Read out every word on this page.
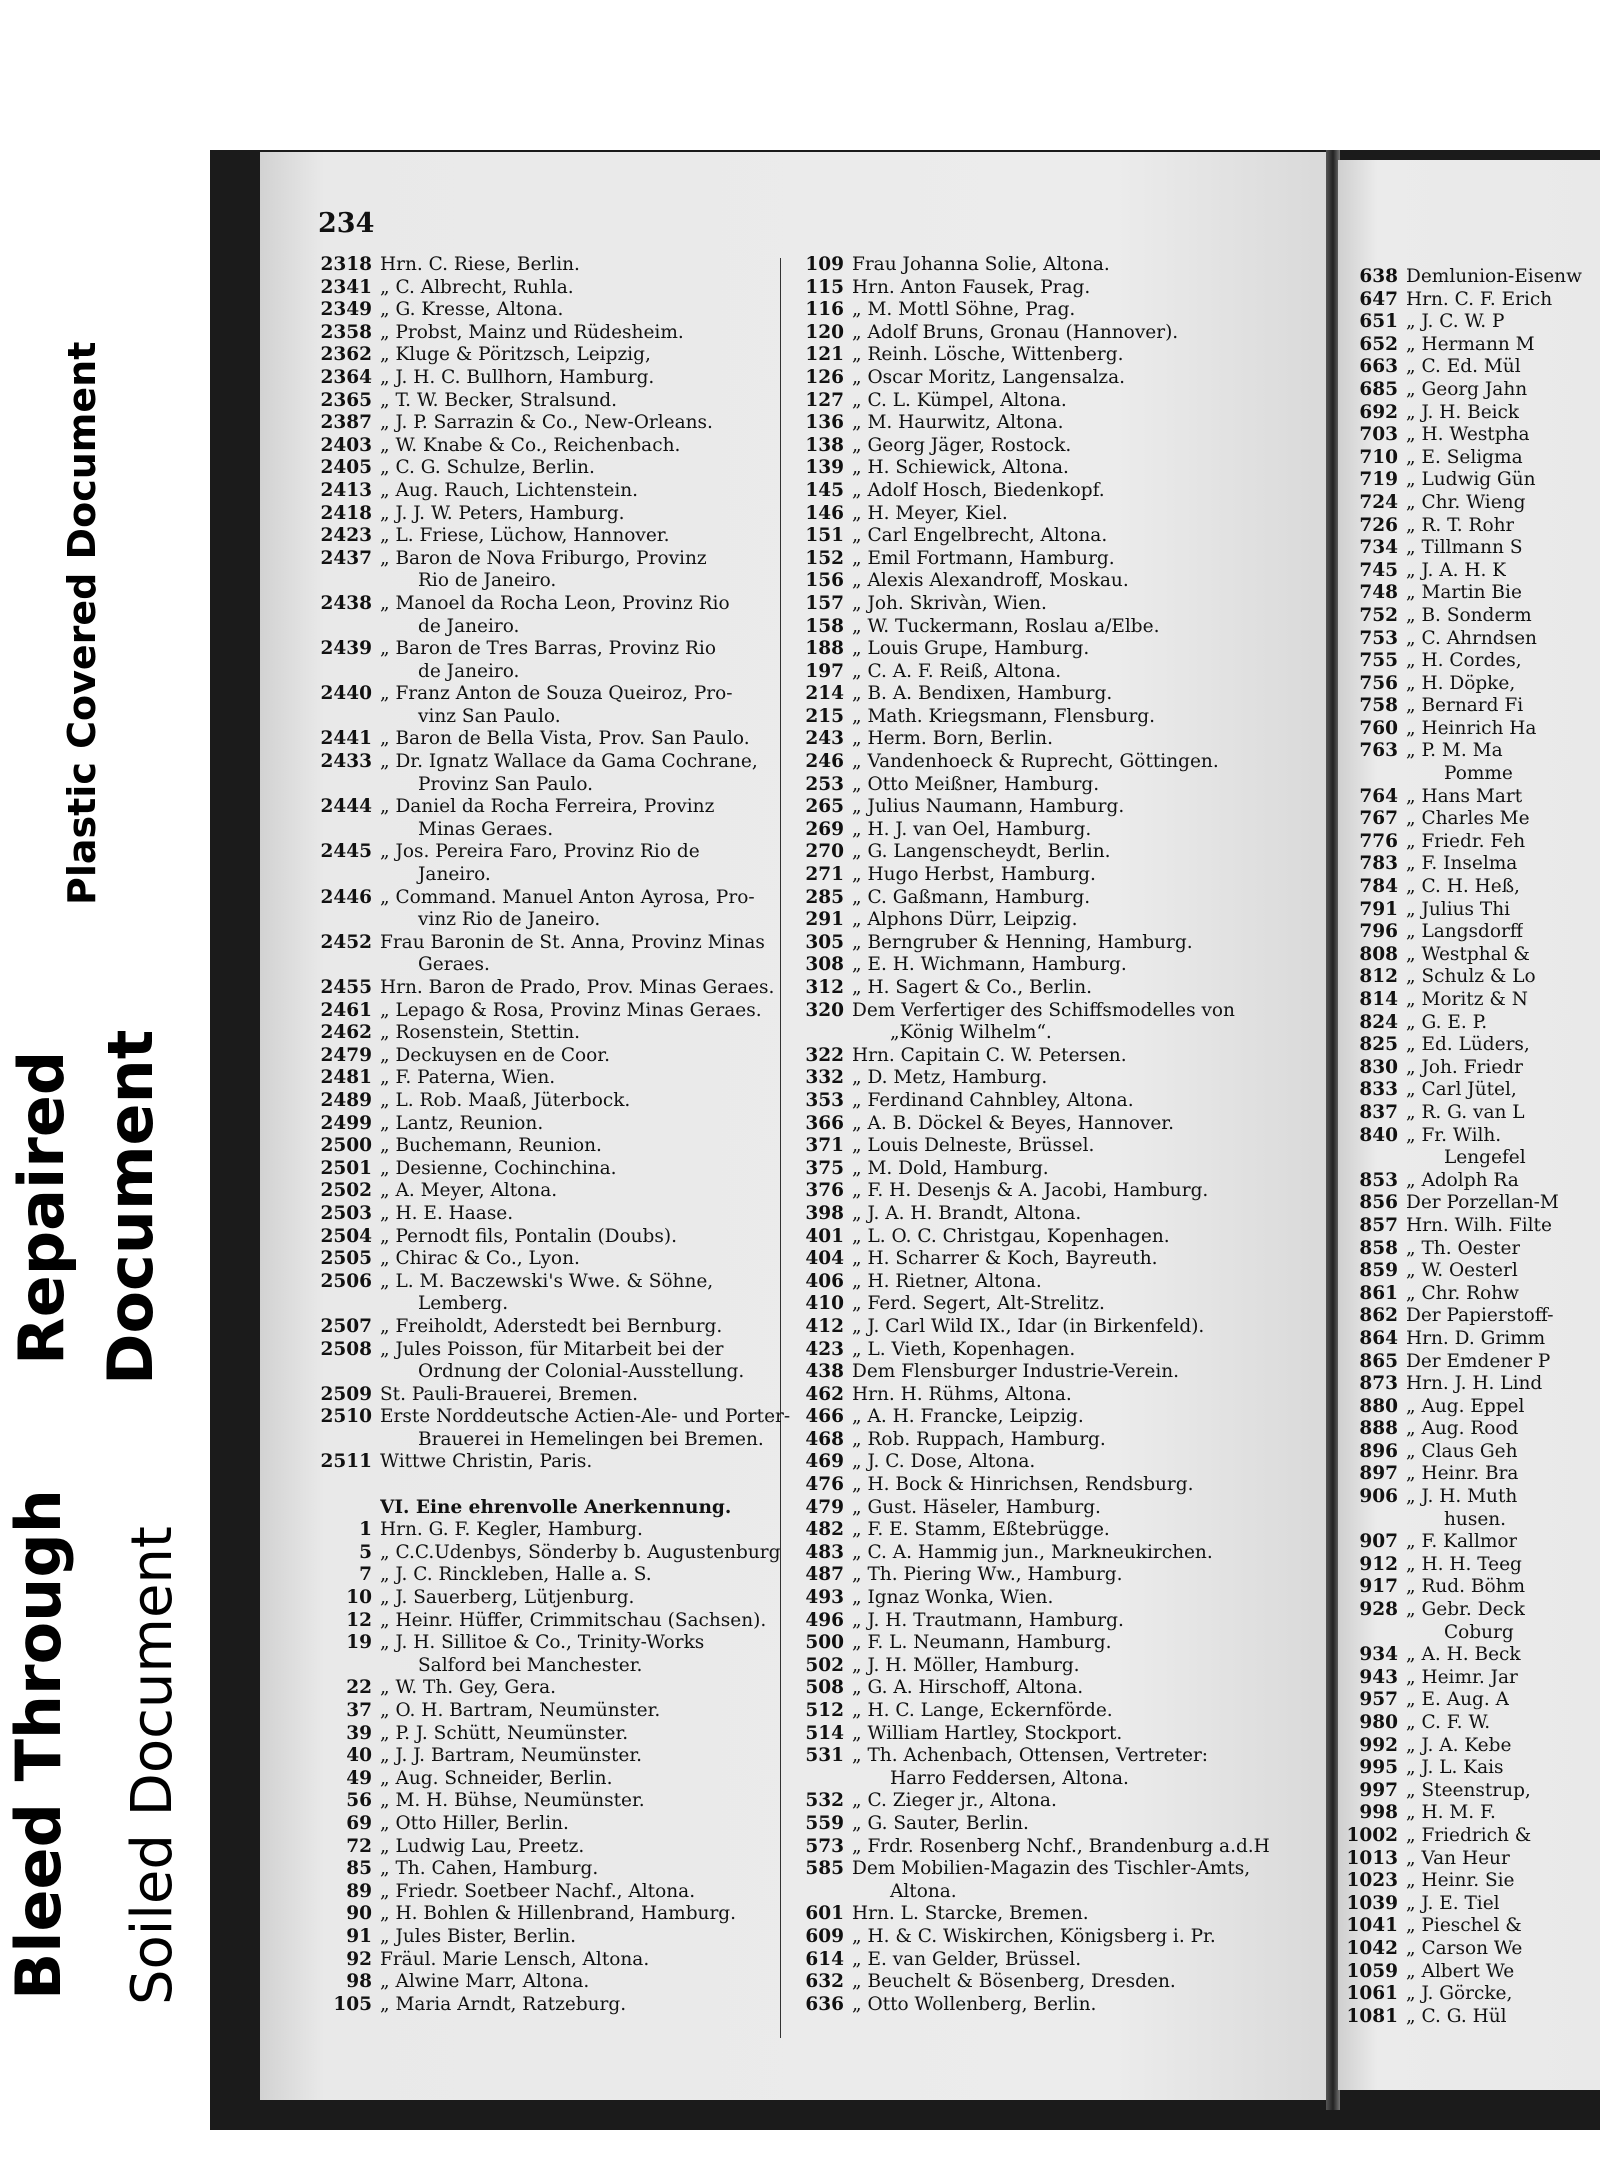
Plastic Covered Document
Repaired Document
Bleed Through Soiled Document
234
2318 Hrn. C. Riese, Berlin.
2341 „ C. Albrecht, Ruhla.
2349 „ G. Kresse, Altona.
2358 „ Probst, Mainz und Rüdesheim.
2362 „ Kluge & Pöritzsch, Leipzig,
2364 „ J. H. C. Bullhorn, Hamburg.
2365 „ T. W. Becker, Stralsund.
2387 „ J. P. Sarrazin & Co., New-Orleans.
2403 „ W. Knabe & Co., Reichenbach.
2405 „ C. G. Schulze, Berlin.
2413 „ Aug. Rauch, Lichtenstein.
2418 „ J. J. W. Peters, Hamburg.
2423 „ L. Friese, Lüchow, Hannover.
2437 „ Baron de Nova Friburgo, Provinz
Rio de Janeiro.
2438 „ Manoel da Rocha Leon, Provinz Rio
de Janeiro.
2439 „ Baron de Tres Barras, Provinz Rio
de Janeiro.
2440 „ Franz Anton de Souza Queiroz, Pro-
vinz San Paulo.
2441 „ Baron de Bella Vista, Prov. San Paulo.
2433 „ Dr. Ignatz Wallace da Gama Cochrane,
Provinz San Paulo.
2444 „ Daniel da Rocha Ferreira, Provinz
Minas Geraes.
2445 „ Jos. Pereira Faro, Provinz Rio de
Janeiro.
2446 „ Command. Manuel Anton Ayrosa, Pro-
vinz Rio de Janeiro.
2452 Frau Baronin de St. Anna, Provinz Minas
Geraes.
2455 Hrn. Baron de Prado, Prov. Minas Geraes.
2461 „ Lepago & Rosa, Provinz Minas Geraes.
2462 „ Rosenstein, Stettin.
2479 „ Deckuysen en de Coor.
2481 „ F. Paterna, Wien.
2489 „ L. Rob. Maaß, Jüterbock.
2499 „ Lantz, Reunion.
2500 „ Buchemann, Reunion.
2501 „ Desienne, Cochinchina.
2502 „ A. Meyer, Altona.
2503 „ H. E. Haase.
2504 „ Pernodt fils, Pontalin (Doubs).
2505 „ Chirac & Co., Lyon.
2506 „ L. M. Baczewski's Wwe. & Söhne,
Lemberg.
2507 „ Freiholdt, Aderstedt bei Bernburg.
2508 „ Jules Poisson, für Mitarbeit bei der
Ordnung der Colonial-Ausstellung.
2509 St. Pauli-Brauerei, Bremen.
2510 Erste Norddeutsche Actien-Ale- und Porter-
Brauerei in Hemelingen bei Bremen.
2511 Wittwe Christin, Paris.
VI. Eine ehrenvolle Anerkennung.
1 Hrn. G. F. Kegler, Hamburg.
5 „ C.C.Udenbys, Sönderby b. Augustenburg
7 „ J. C. Rinckleben, Halle a. S.
10 „ J. Sauerberg, Lütjenburg.
12 „ Heinr. Hüffer, Crimmitschau (Sachsen).
19 „ J. H. Sillitoe & Co., Trinity-Works
Salford bei Manchester.
22 „ W. Th. Gey, Gera.
37 „ O. H. Bartram, Neumünster.
39 „ P. J. Schütt, Neumünster.
40 „ J. J. Bartram, Neumünster.
49 „ Aug. Schneider, Berlin.
56 „ M. H. Bühse, Neumünster.
69 „ Otto Hiller, Berlin.
72 „ Ludwig Lau, Preetz.
85 „ Th. Cahen, Hamburg.
89 „ Friedr. Soetbeer Nachf., Altona.
90 „ H. Bohlen & Hillenbrand, Hamburg.
91 „ Jules Bister, Berlin.
92 Fräul. Marie Lensch, Altona.
98 „ Alwine Marr, Altona.
105 „ Maria Arndt, Ratzeburg.
109 Frau Johanna Solie, Altona.
115 Hrn. Anton Fausek, Prag.
116 „ M. Mottl Söhne, Prag.
120 „ Adolf Bruns, Gronau (Hannover).
121 „ Reinh. Lösche, Wittenberg.
126 „ Oscar Moritz, Langensalza.
127 „ C. L. Kümpel, Altona.
136 „ M. Haurwitz, Altona.
138 „ Georg Jäger, Rostock.
139 „ H. Schiewick, Altona.
145 „ Adolf Hosch, Biedenkopf.
146 „ H. Meyer, Kiel.
151 „ Carl Engelbrecht, Altona.
152 „ Emil Fortmann, Hamburg.
156 „ Alexis Alexandroff, Moskau.
157 „ Joh. Skrivàn, Wien.
158 „ W. Tuckermann, Roslau a/Elbe.
188 „ Louis Grupe, Hamburg.
197 „ C. A. F. Reiß, Altona.
214 „ B. A. Bendixen, Hamburg.
215 „ Math. Kriegsmann, Flensburg.
243 „ Herm. Born, Berlin.
246 „ Vandenhoeck & Ruprecht, Göttingen.
253 „ Otto Meißner, Hamburg.
265 „ Julius Naumann, Hamburg.
269 „ H. J. van Oel, Hamburg.
270 „ G. Langenscheydt, Berlin.
271 „ Hugo Herbst, Hamburg.
285 „ C. Gaßmann, Hamburg.
291 „ Alphons Dürr, Leipzig.
305 „ Berngruber & Henning, Hamburg.
308 „ E. H. Wichmann, Hamburg.
312 „ H. Sagert & Co., Berlin.
320 Dem Verfertiger des Schiffsmodelles von
„König Wilhelm“.
322 Hrn. Capitain C. W. Petersen.
332 „ D. Metz, Hamburg.
353 „ Ferdinand Cahnbley, Altona.
366 „ A. B. Döckel & Beyes, Hannover.
371 „ Louis Delneste, Brüssel.
375 „ M. Dold, Hamburg.
376 „ F. H. Desenjs & A. Jacobi, Hamburg.
398 „ J. A. H. Brandt, Altona.
401 „ L. O. C. Christgau, Kopenhagen.
404 „ H. Scharrer & Koch, Bayreuth.
406 „ H. Rietner, Altona.
410 „ Ferd. Segert, Alt-Strelitz.
412 „ J. Carl Wild IX., Idar (in Birkenfeld).
423 „ L. Vieth, Kopenhagen.
438 Dem Flensburger Industrie-Verein.
462 Hrn. H. Rühms, Altona.
466 „ A. H. Francke, Leipzig.
468 „ Rob. Ruppach, Hamburg.
469 „ J. C. Dose, Altona.
476 „ H. Bock & Hinrichsen, Rendsburg.
479 „ Gust. Häseler, Hamburg.
482 „ F. E. Stamm, Eßtebrügge.
483 „ C. A. Hammig jun., Markneukirchen.
487 „ Th. Piering Ww., Hamburg.
493 „ Ignaz Wonka, Wien.
496 „ J. H. Trautmann, Hamburg.
500 „ F. L. Neumann, Hamburg.
502 „ J. H. Möller, Hamburg.
508 „ G. A. Hirschoff, Altona.
512 „ H. C. Lange, Eckernförde.
514 „ William Hartley, Stockport.
531 „ Th. Achenbach, Ottensen, Vertreter:
Harro Feddersen, Altona.
532 „ C. Zieger jr., Altona.
559 „ G. Sauter, Berlin.
573 „ Frdr. Rosenberg Nchf., Brandenburg a.d.H
585 Dem Mobilien-Magazin des Tischler-Amts,
Altona.
601 Hrn. L. Starcke, Bremen.
609 „ H. & C. Wiskirchen, Königsberg i. Pr.
614 „ E. van Gelder, Brüssel.
632 „ Beuchelt & Bösenberg, Dresden.
636 „ Otto Wollenberg, Berlin.
638 Demlunion-Eisenw
647 Hrn. C. F. Erich
651 „ J. C. W. P
652 „ Hermann M
663 „ C. Ed. Mül
685 „ Georg Jahn
692 „ J. H. Beick
703 „ H. Westpha
710 „ E. Seligma
719 „ Ludwig Gün
724 „ Chr. Wieng
726 „ R. T. Rohr
734 „ Tillmann S
745 „ J. A. H. K
748 „ Martin Bie
752 „ B. Sonderm
753 „ C. Ahrndsen
755 „ H. Cordes,
756 „ H. Döpke,
758 „ Bernard Fi
760 „ Heinrich Ha
763 „ P. M. Ma
Pomme
764 „ Hans Mart
767 „ Charles Me
776 „ Friedr. Feh
783 „ F. Inselma
784 „ C. H. Heß,
791 „ Julius Thi
796 „ Langsdorff
808 „ Westphal &
812 „ Schulz & Lo
814 „ Moritz & N
824 „ G. E. P.
825 „ Ed. Lüders,
830 „ Joh. Friedr
833 „ Carl Jütel,
837 „ R. G. van L
840 „ Fr. Wilh.
Lengefel
853 „ Adolph Ra
856 Der Porzellan-M
857 Hrn. Wilh. Filte
858 „ Th. Oester
859 „ W. Oesterl
861 „ Chr. Rohw
862 Der Papierstoff-
864 Hrn. D. Grimm
865 Der Emdener P
873 Hrn. J. H. Lind
880 „ Aug. Eppel
888 „ Aug. Rood
896 „ Claus Geh
897 „ Heinr. Bra
906 „ J. H. Muth
husen.
907 „ F. Kallmor
912 „ H. H. Teeg
917 „ Rud. Böhm
928 „ Gebr. Deck
Coburg
934 „ A. H. Beck
943 „ Heimr. Jar
957 „ E. Aug. A
980 „ C. F. W.
992 „ J. A. Kebe
995 „ J. L. Kais
997 „ Steenstrup,
998 „ H. M. F.
1002 „ Friedrich &
1013 „ Van Heur
1023 „ Heinr. Sie
1039 „ J. E. Tiel
1041 „ Pieschel &
1042 „ Carson We
1059 „ Albert We
1061 „ J. Görcke,
1081 „ C. G. Hül
